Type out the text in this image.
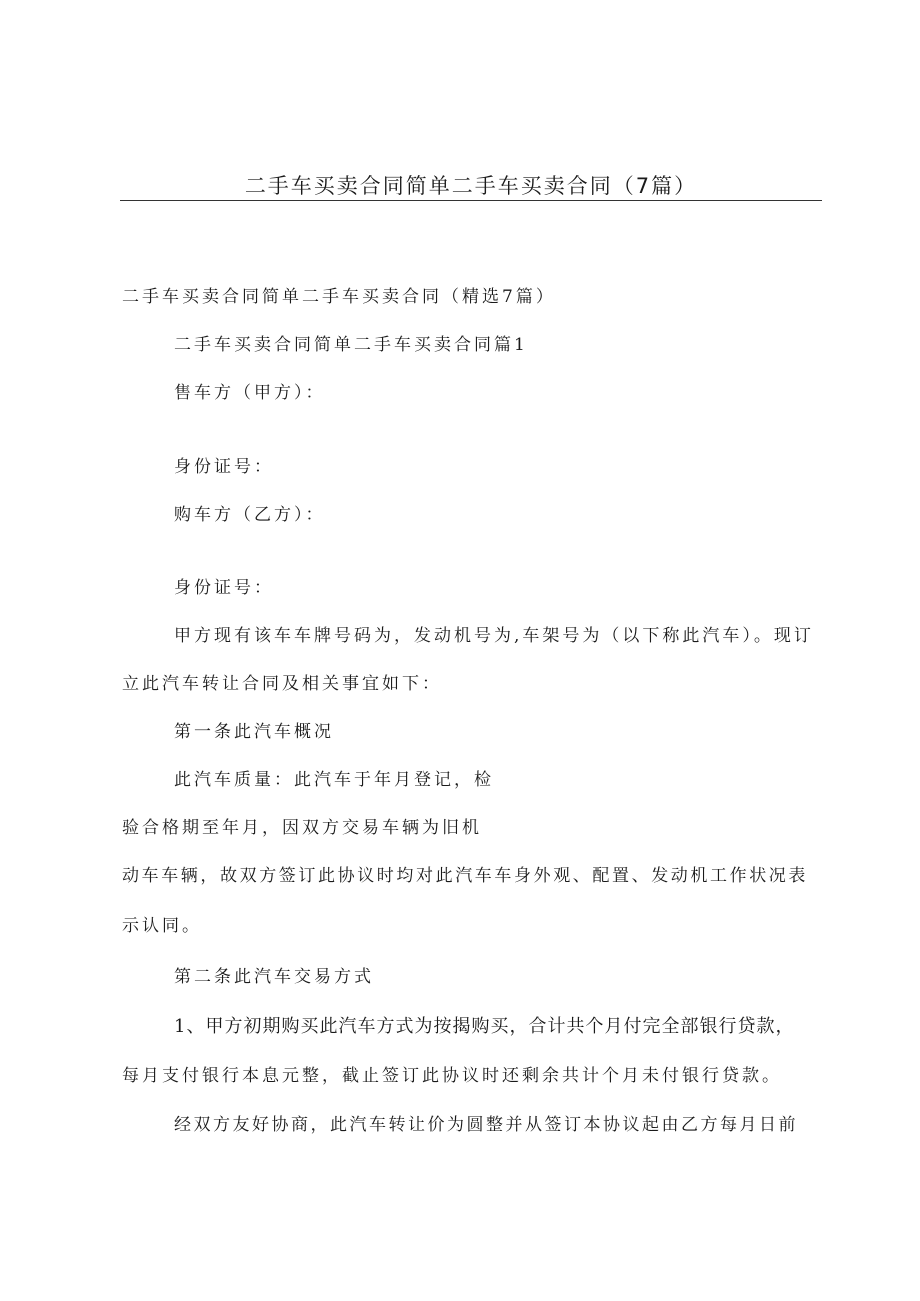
二手车买卖合同简单二手车买卖合同（7篇）

二手车买卖合同简单二手车买卖合同（精选7篇）

二手车买卖合同简单二手车买卖合同篇1

售车方（甲方）：

身份证号：

购车方（乙方）：

身份证号：

甲方现有该车车牌号码为，发动机号为,车架号为（以下称此汽车）。现订

立此汽车转让合同及相关事宜如下：

第一条此汽车概况

此汽车质量：此汽车于年月登记，检

验合格期至年月，因双方交易车辆为旧机

动车车辆，故双方签订此协议时均对此汽车车身外观、配置、发动机工作状况表

示认同。

第二条此汽车交易方式

1、甲方初期购买此汽车方式为按揭购买，合计共个月付完全部银行贷款，

每月支付银行本息元整，截止签订此协议时还剩余共计个月未付银行贷款。

经双方友好协商，此汽车转让价为圆整并从签订本协议起由乙方每月日前
